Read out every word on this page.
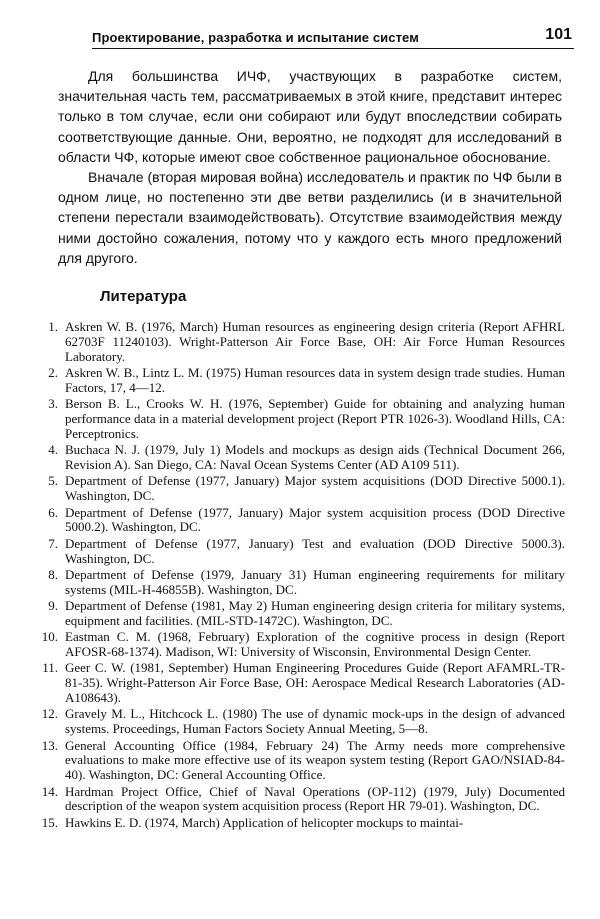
Проектирование, разработка и испытание систем	101

Для большинства ИЧФ, участвующих в разработке систем, значительная часть тем, рассматриваемых в этой книге, представит интерес только в том случае, если они собирают или будут впоследствии собирать соответствующие данные. Они, вероятно, не подходят для исследований в области ЧФ, которые имеют свое собственное рациональное обоснование.

Вначале (вторая мировая война) исследователь и практик по ЧФ были в одном лице, но постепенно эти две ветви разделились (и в значительной степени перестали взаимодействовать). Отсутствие взаимодействия между ними достойно сожаления, потому что у каждого есть много предложений для другого.

Литература
1. Askren W. B. (1976, March) Human resources as engineering design criteria (Report AFHRL 62703F 11240103). Wright-Patterson Air Force Base, OH: Air Force Human Resources Laboratory.
2. Askren W. B., Lintz L. M. (1975) Human resources data in system design trade studies. Human Factors, 17, 4—12.
3. Berson B. L., Crooks W. H. (1976, September) Guide for obtaining and analyzing human performance data in a material development project (Report PTR 1026-3). Woodland Hills, CA: Perceptronics.
4. Buchaca N. J. (1979, July 1) Models and mockups as design aids (Technical Document 266, Revision A). San Diego, CA: Naval Ocean Systems Center (AD A109 511).
5. Department of Defense (1977, January) Major system acquisitions (DOD Directive 5000.1). Washington, DC.
6. Department of Defense (1977, January) Major system acquisition process (DOD Directive 5000.2). Washington, DC.
7. Department of Defense (1977, January) Test and evaluation (DOD Directive 5000.3). Washington, DC.
8. Department of Defense (1979, January 31) Human engineering requirements for military systems (MIL-H-46855B). Washington, DC.
9. Department of Defense (1981, May 2) Human engineering design criteria for military systems, equipment and facilities. (MIL-STD-1472C). Washington, DC.
10. Eastman C. M. (1968, February) Exploration of the cognitive process in design (Report AFOSR-68-1374). Madison, WI: University of Wisconsin, Environmental Design Center.
11. Geer C. W. (1981, September) Human Engineering Procedures Guide (Report AFAMRL-TR-81-35). Wright-Patterson Air Force Base, OH: Aerospace Medical Research Laboratories (AD-A108643).
12. Gravely M. L., Hitchcock L. (1980) The use of dynamic mock-ups in the design of advanced systems. Proceedings, Human Factors Society Annual Meeting, 5—8.
13. General Accounting Office (1984, February 24) The Army needs more comprehensive evaluations to make more effective use of its weapon system testing (Report GAO/NSIAD-84-40). Washington, DC: General Accounting Office.
14. Hardman Project Office, Chief of Naval Operations (OP-112) (1979, July) Documented description of the weapon system acquisition process (Report HR 79-01). Washington, DC.
15. Hawkins E. D. (1974, March) Application of helicopter mockups to maintai-
